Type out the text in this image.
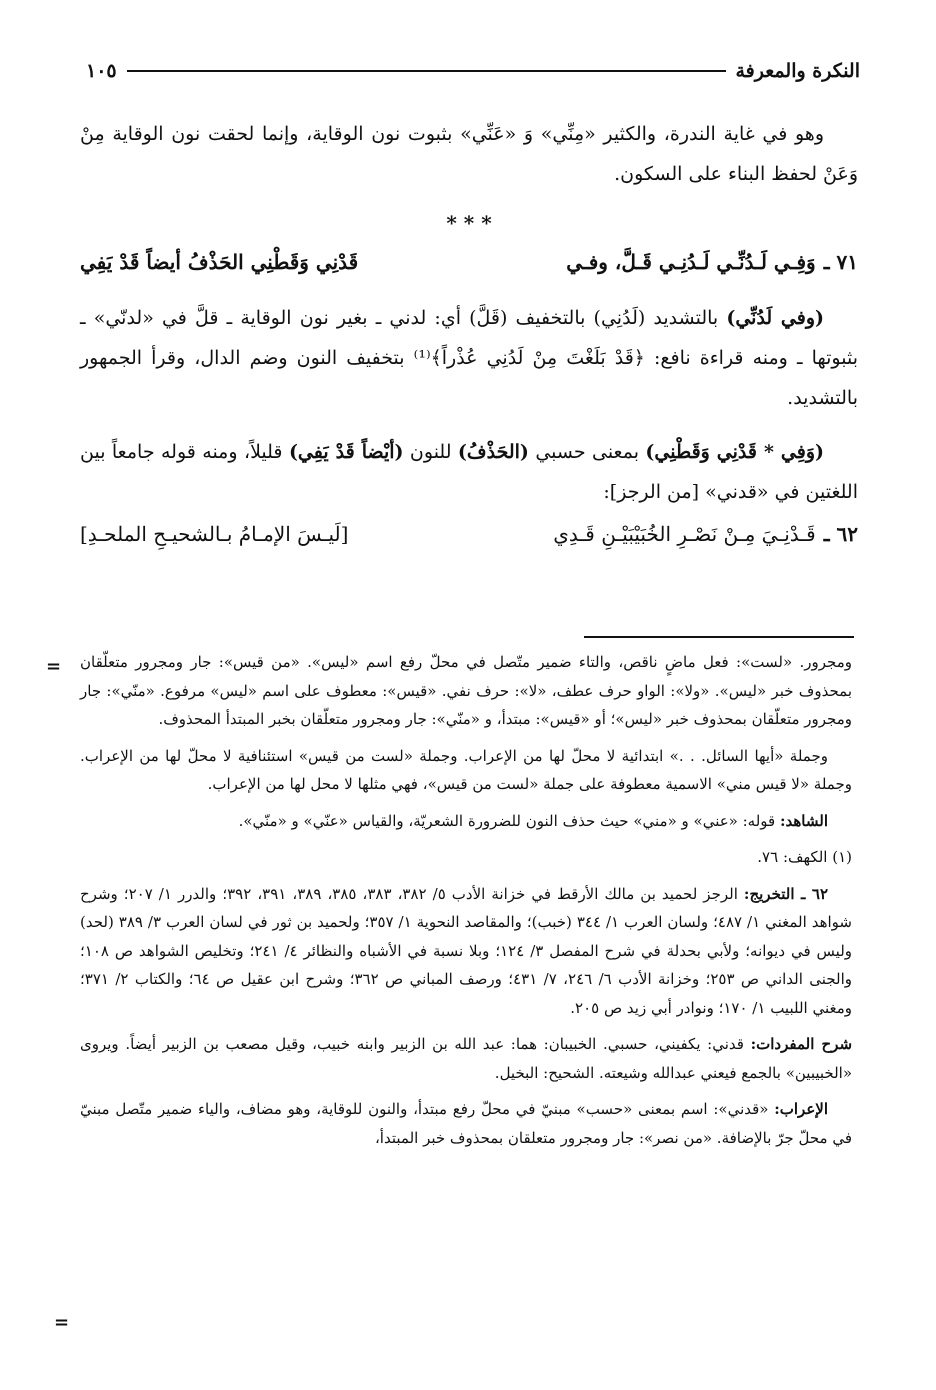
النكرة والمعرفة
١٠٥

وهو في غاية الندرة، والكثير «مِنِّي» وَ «عَنِّي» بثبوت نون الوقاية، وإنما لحقت نون الوقاية مِنْ وَعَنْ لحفظ البناء على السكون.

* * *
٧١ ـ
وَفِـي لَـدُنِّـي لَـدُنِـي قَـلَّ، وفـي
قَدْنِي وَقَطْنِي الحَذْفُ أيضاً قَدْ يَفِي

(وفي لَدُنِّي) بالتشديد (لَدُنِي) بالتخفيف (قَلَّ) أي: لدني ـ بغير نون الوقاية ـ قلَّ في «لدنّي» ـ بثبوتها ـ ومنه قراءة نافع: ﴿قَدْ بَلَغْتَ مِنْ لَدُنِي عُذْراً﴾⁽¹⁾ بتخفيف النون وضم الدال، وقرأ الجمهور بالتشديد.

(وَفِي * قَدْنِي وَقَطْنِي) بمعنى حسبي (الحَذْفُ) للنون (أيْضاً قَدْ يَفِي) قليلاً، ومنه قوله جامعاً بين اللغتين في «قدني» [من الرجز]:

٦٢ ـ
قَـدْنِـيَ مِـنْ نَصْـرِ الخُبَيْبَيْـنِ قَـدِي
[لَيـسَ الإمـامُ بـالشحيـحِ الملحـدِ]
= ومجرور. «لست»: فعل ماضٍ ناقص، والتاء ضمير متّصل في محلّ رفع اسم «ليس». «من قيس»: جار ومجرور متعلّقان بمحذوف خبر «ليس». «ولا»: الواو حرف عطف، «لا»: حرف نفي. «قيس»: معطوف على اسم «ليس» مرفوع. «منّي»: جار ومجرور متعلّقان بمحذوف خبر «ليس»؛ أو «قيس»: مبتدأ، و «منّي»: جار ومجرور متعلّقان بخبر المبتدأ المحذوف.

وجملة «أيها السائل. . .» ابتدائية لا محلّ لها من الإعراب. وجملة «لست من قيس» استئنافية لا محلّ لها من الإعراب. وجملة «لا قيس مني» الاسمية معطوفة على جملة «لست من قيس»، فهي مثلها لا محل لها من الإعراب.

الشاهد: قوله: «عني» و «مني» حيث حذف النون للضرورة الشعريّة، والقياس «عنّي» و «منّي».

(١) الكهف: ٧٦.

٦٢ ـ التخريج: الرجز لحميد بن مالك الأرقط في خزانة الأدب ٥/ ٣٨٢، ٣٨٣، ٣٨٥، ٣٨٩، ٣٩١، ٣٩٢؛ والدرر ١/ ٢٠٧؛ وشرح شواهد المغني ١/ ٤٨٧؛ ولسان العرب ١/ ٣٤٤ (خبب)؛ والمقاصد النحوية ١/ ٣٥٧؛ ولحميد بن ثور في لسان العرب ٣/ ٣٨٩ (لحد) وليس في ديوانه؛ ولأبي بحدلة في شرح المفصل ٣/ ١٢٤؛ وبلا نسبة في الأشباه والنظائر ٤/ ٢٤١؛ وتخليص الشواهد ص ١٠٨؛ والجنى الداني ص ٢٥٣؛ وخزانة الأدب ٦/ ٢٤٦، ٧/ ٤٣١؛ ورصف المباني ص ٣٦٢؛ وشرح ابن عقيل ص ٦٤؛ والكتاب ٢/ ٣٧١؛ ومغني اللبيب ١/ ١٧٠؛ ونوادر أبي زيد ص ٢٠٥.

شرح المفردات: قدني: يكفيني، حسبي. الخبيبان: هما: عبد الله بن الزبير وابنه خبيب، وقيل مصعب بن الزبير أيضاً. ويروى «الخبيبين» بالجمع فيعني عبدالله وشيعته. الشحيح: البخيل.

الإعراب: «قدني»: اسم بمعنى «حسب» مبنيّ في محلّ رفع مبتدأ، والنون للوقاية، وهو مضاف، والياء ضمير متّصل مبنيّ في محلّ جرّ بالإضافة. «من نصر»: جار ومجرور متعلقان بمحذوف خبر المبتدأ،

=
